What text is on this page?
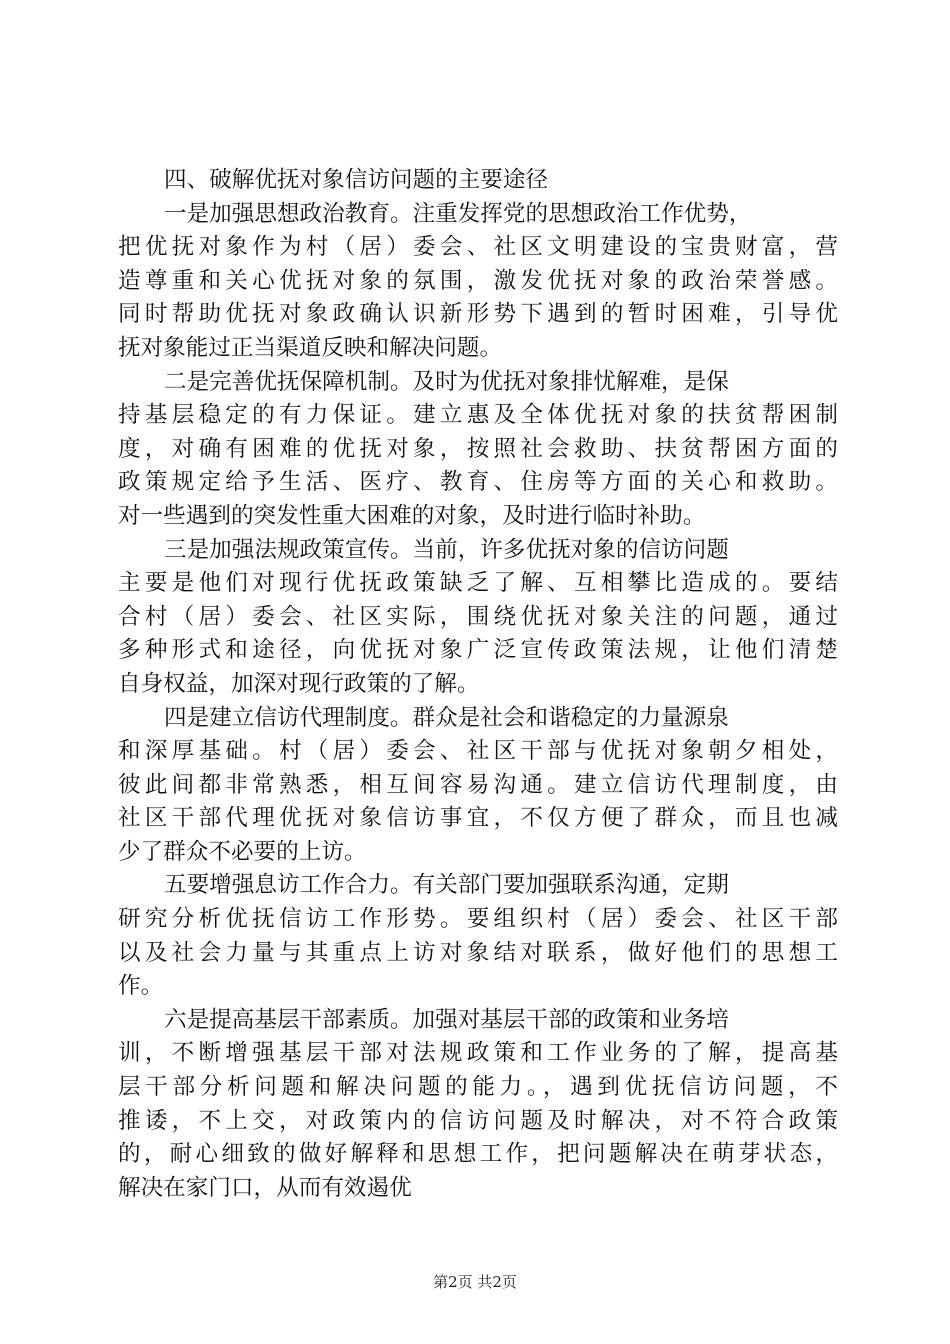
四、破解优抚对象信访问题的主要途径
一是加强思想政治教育。注重发挥党的思想政治工作优势，
把优抚对象作为村（居）委会、社区文明建设的宝贵财富，营
造尊重和关心优抚对象的氛围，激发优抚对象的政治荣誉感。
同时帮助优抚对象政确认识新形势下遇到的暂时困难，引导优
抚对象能过正当渠道反映和解决问题。
二是完善优抚保障机制。及时为优抚对象排忧解难，是保
持基层稳定的有力保证。建立惠及全体优抚对象的扶贫帮困制
度，对确有困难的优抚对象，按照社会救助、扶贫帮困方面的
政策规定给予生活、医疗、教育、住房等方面的关心和救助。
对一些遇到的突发性重大困难的对象，及时进行临时补助。
三是加强法规政策宣传。当前，许多优抚对象的信访问题
主要是他们对现行优抚政策缺乏了解、互相攀比造成的。要结
合村（居）委会、社区实际，围绕优抚对象关注的问题，通过
多种形式和途径，向优抚对象广泛宣传政策法规，让他们清楚
自身权益，加深对现行政策的了解。
四是建立信访代理制度。群众是社会和谐稳定的力量源泉
和深厚基础。村（居）委会、社区干部与优抚对象朝夕相处，
彼此间都非常熟悉，相互间容易沟通。建立信访代理制度，由
社区干部代理优抚对象信访事宜，不仅方便了群众，而且也减
少了群众不必要的上访。
五要增强息访工作合力。有关部门要加强联系沟通，定期
研究分析优抚信访工作形势。要组织村（居）委会、社区干部
以及社会力量与其重点上访对象结对联系，做好他们的思想工
作。
六是提高基层干部素质。加强对基层干部的政策和业务培
训，不断增强基层干部对法规政策和工作业务的了解，提高基
层干部分析问题和解决问题的能力。，遇到优抚信访问题，不
推诿，不上交，对政策内的信访问题及时解决，对不符合政策
的，耐心细致的做好解释和思想工作，把问题解决在萌芽状态，
解决在家门口，从而有效遏优
第2页 共2页
